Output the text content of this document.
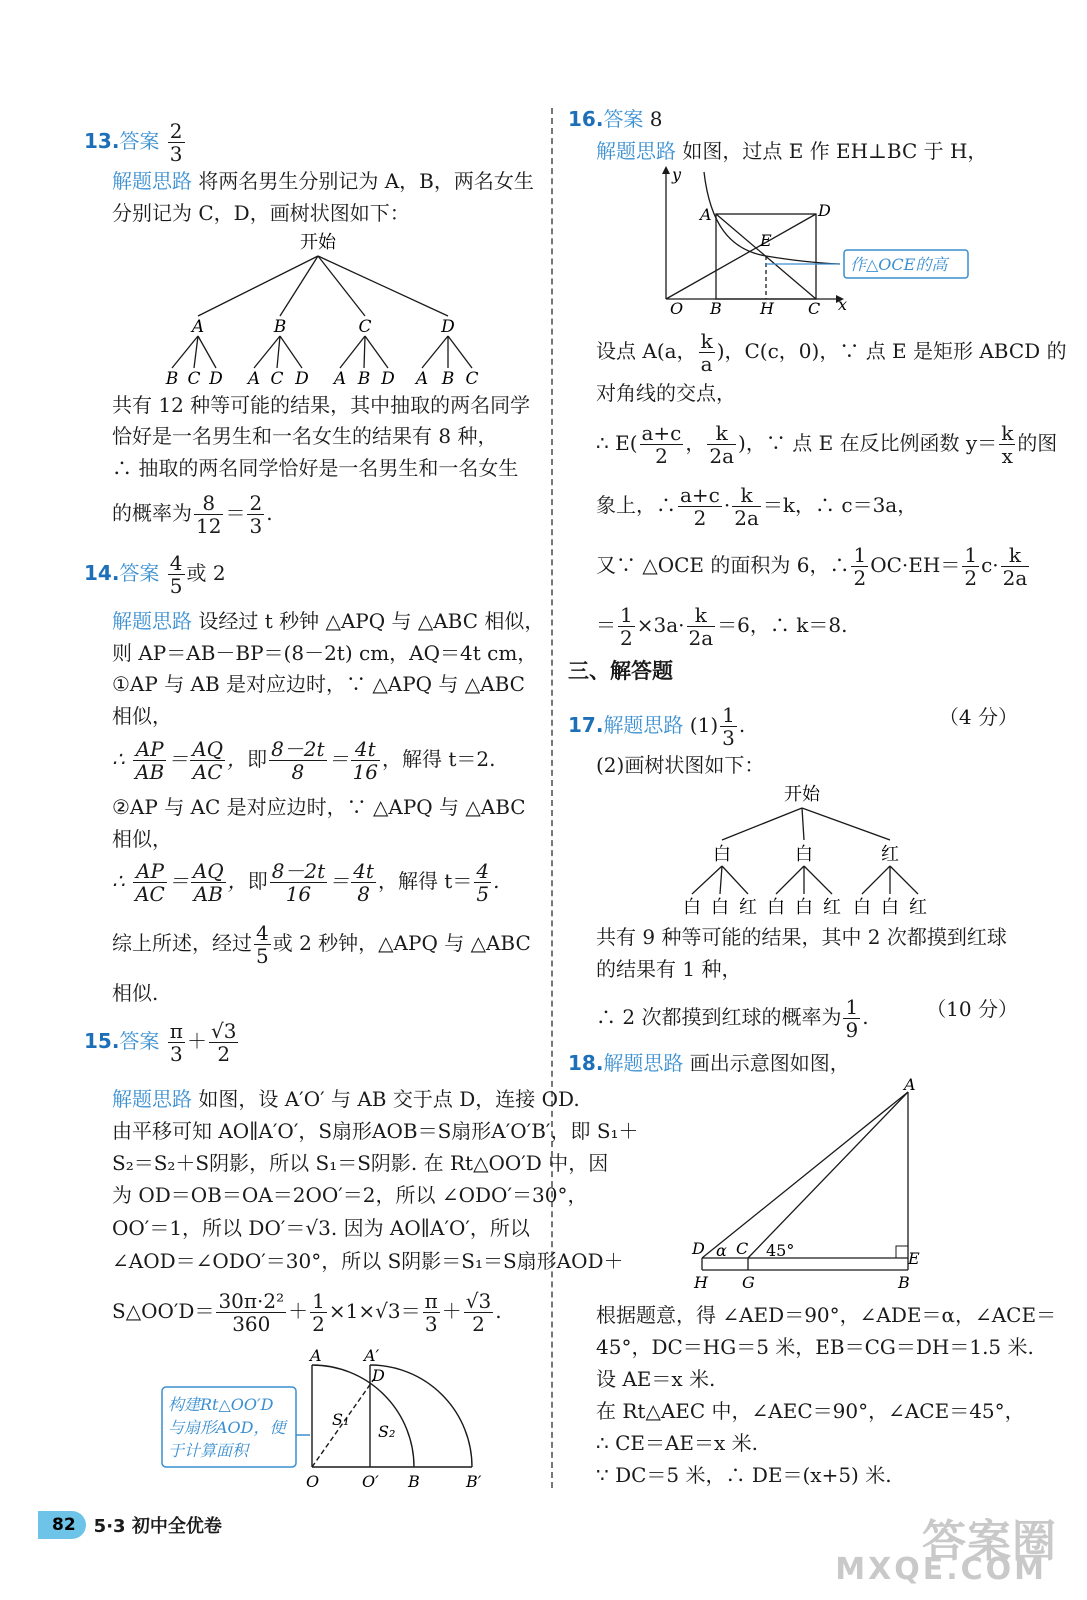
13.答案 $\frac{2}{3}$
解题思路 将两名男生分别记为 A，B，两名女生
分别记为 C，D，画树状图如下：
开始
A	B	C	D
B C D A C D A B D A B C
共有 12 种等可能的结果，其中抽取的两名同学
恰好是一名男生和一名女生的结果有 8 种，
∴ 抽取的两名同学恰好是一名男生和一名女生
的概率为 $\frac{8}{12} = \frac{2}{3}$ .
14.答案 $\frac{4}{5}$ 或 2
解题思路 设经过 t 秒钟 △APQ 与 △ABC 相似，
则 AP＝AB－BP＝(8－2t) cm，AQ＝4t cm，
①AP 与 AB 是对应边时，∵ △APQ 与 △ABC
相似，
∴ $\frac{AP}{AB} = \frac{AQ}{AC}$ ，即 $\frac{8-2t}{8} = \frac{4t}{16}$ ，解得 t＝2.
②AP 与 AC 是对应边时，∵ △APQ 与 △ABC
相似，
∴ $\frac{AP}{AC} = \frac{AQ}{AB}$ ，即 $\frac{8-2t}{16} = \frac{4t}{8}$ ，解得 $t= \frac{4}{5}$ .
综上所述，经过 $\frac{4}{5}$ 或 2 秒钟，△APQ 与 △ABC
相似.
15.答案 $\frac{\pi}{3} + \frac{√3}{2}$
解题思路 如图，设 A′O′ 与 AB 交于点 D，连接 OD.
由平移可知 AO∥A′O′，S扇形AOB＝S扇形A′O′B′，即 S₁＋
S₂＝S₂＋S阴影，所以 S₁＝S阴影. 在 Rt△OO′D 中，因
为 OD＝OB＝OA＝2OO′＝2，所以 ∠ODO′＝30°，
OO′＝1，所以 DO′＝√3. 因为 AO∥A′O′，所以
∠AOD＝∠ODO′＝30°，所以 S阴影＝S₁＝S扇形AOD＋
S△OO′D＝ $\frac{\text{30π·2²}}{360} + \frac{1}{2} \times 1\times√3= \frac{\pi}{3} + \frac{√3}{2}$ .
构建Rt△OO′D
与扇形AOD，便
于计算面积
A	A′
D
S₁
S₂
O	O′ B	B′
16.答案 8
解题思路 如图，过点 E 作 EH⊥BC 于 H，
作△OCE的高
y
x
A	D
E
O B H C
设点 A(a， $\frac{k}{a}$ )，C(c，0)，∵ 点 E 是矩形 ABCD 的
对角线的交点，
∴ $E( \frac{a+c}{2}$ ， $\frac{k}{2a}$ )，∵ 点 E 在反比例函数 $y= \frac{k}{x}$ 的图
象上，∴ $\frac{a+c}{2} \cdot \frac{k}{2a} =k$，∴ c＝3a，
又∵ △OCE 的面积为 6，∴ $\frac{1}{2} OC\cdot EH= \frac{1}{2} c\cdot \frac{k}{2a}$
＝ $\frac{1}{2} \times 3a\cdot \frac{k}{2a} =6$，∴ k＝8.
三、解答题
17.解题思路 $(1) \frac{1}{3}$ .	（4 分）
(2)画树状图如下：
开始
白	白	红
白 白 红 白 白 红 白 白 红
共有 9 种等可能的结果，其中 2 次都摸到红球
的结果有 1 种，
∴ 2 次都摸到红球的概率为 $\frac{1}{9}$ .	（10 分）
18.解题思路 画出示意图如图，
A
D α C 45°	E
H G	B
根据题意，得 ∠AED＝90°，∠ADE＝α，∠ACE＝
45°，DC＝HG＝5 米，EB＝CG＝DH＝1.5 米.
设 AE＝x 米.
在 Rt△AEC 中，∠AEC＝90°，∠ACE＝45°，
∴ CE＝AE＝x 米.
∵ DC＝5 米，∴ DE＝(x+5) 米.
82	5·3 初中全优卷	答案圈
MXQE.COM
